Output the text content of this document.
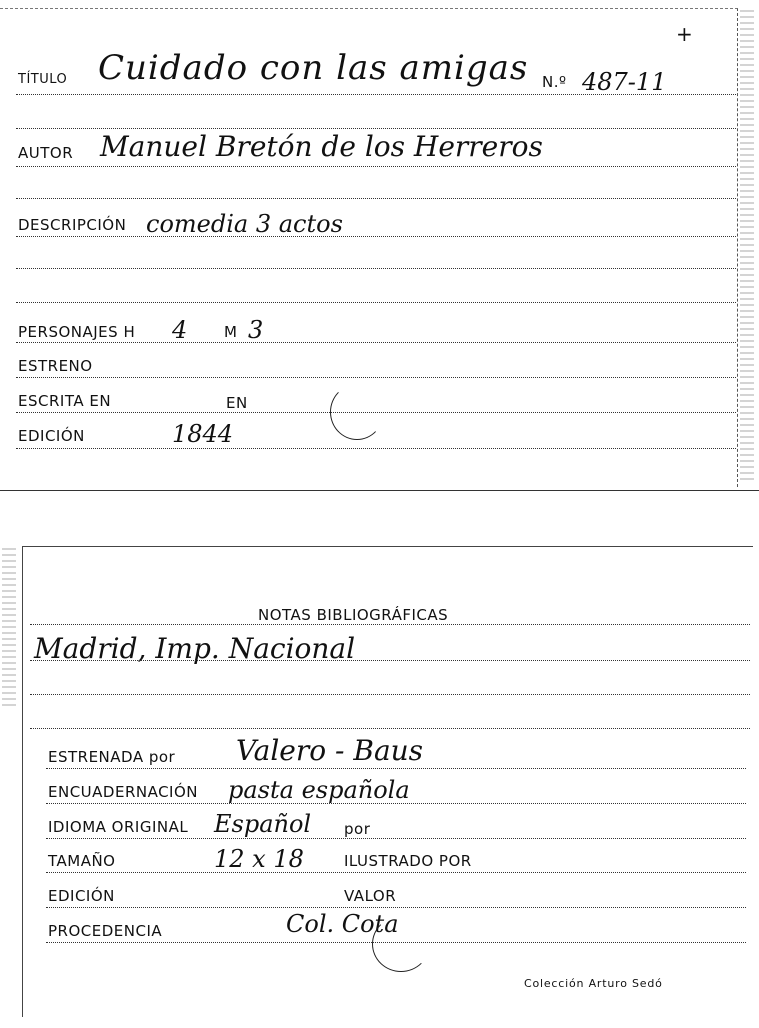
+
TÍTULO Cuidado con las amigas N.º 487-11
AUTOR Manuel Bretón de los Herreros
DESCRIPCIÓN comedia 3 actos
PERSONAJES H 4 M 3
ESTRENO
ESCRITA EN	EN
EDICIÓN	1844
NOTAS BIBLIOGRÁFICAS
Madrid, Imp. Nacional
ESTRENADA por Valero - Baus
ENCUADERNACIÓN pasta española
IDIOMA ORIGINAL Español por
TAMAÑO	12 x 18	ILUSTRADO POR
EDICIÓN	VALOR
PROCEDENCIA	Col. Cota
Colección Arturo Sedó
